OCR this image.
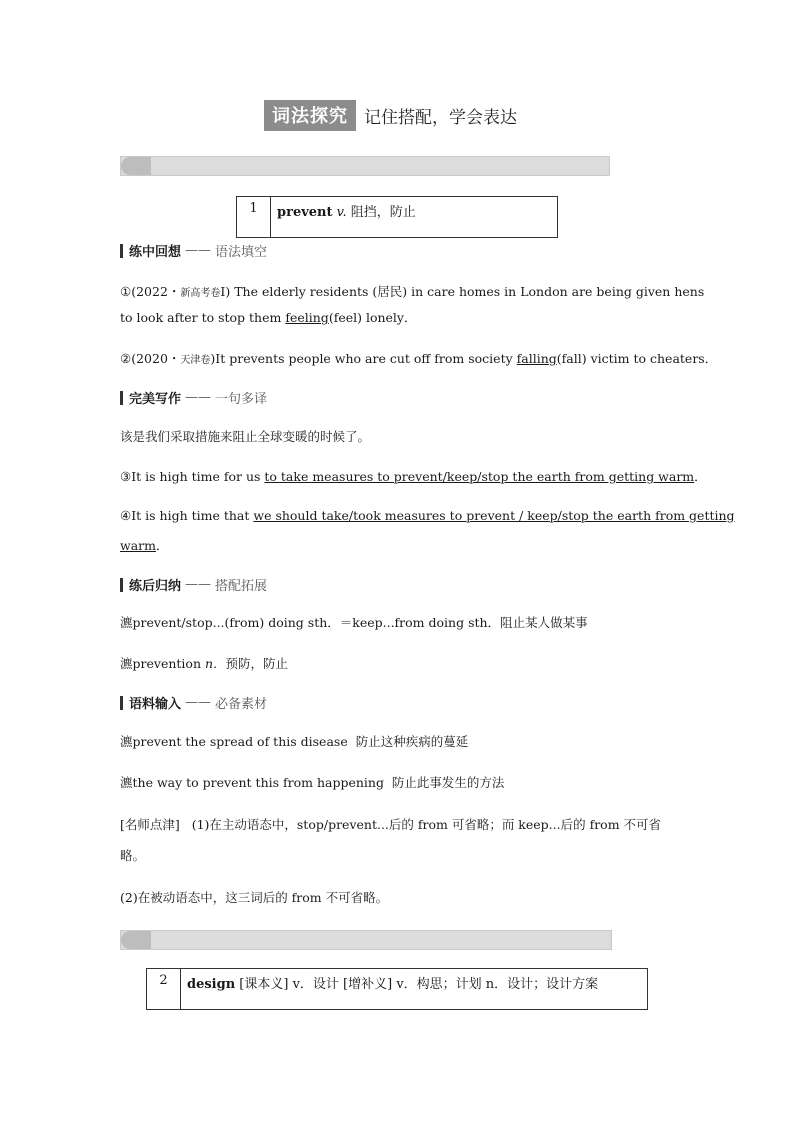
词法探究 记住搭配，学会表达
1	prevent v. 阻挡，防止
练中回想 —— 语法填空
①(2022・新高考卷Ⅰ) The elderly residents (居民) in care homes in London are being given hens
to look after to stop them feeling(feel) lonely．
②(2020・天津卷)It prevents people who are cut off from society falling(fall) victim to cheaters．
完美写作 —— 一句多译
该是我们采取措施来阻止全球变暖的时候了。
③It is high time for us to take measures to prevent/keep/stop the earth from getting warm．
④It is high time that we should take/took measures to prevent / keep/stop the earth from getting
warm．
练后归纳 —— 搭配拓展
瀌prevent/stop...(from) doing sth．＝keep...from doing sth．阻止某人做某事
瀌prevention n．预防，防止
语料输入 —— 必备素材
瀌prevent the spread of this disease 防止这种疾病的蔓延
瀌the way to prevent this from happening 防止此事发生的方法
[名师点津] (1)在主动语态中，stop/prevent...后的 from 可省略；而 keep...后的 from 不可省
略。
(2)在被动语态中，这三词后的 from 不可省略。
2	design [课本义] v．设计 [增补义] v．构思；计划 n．设计；设计方案
